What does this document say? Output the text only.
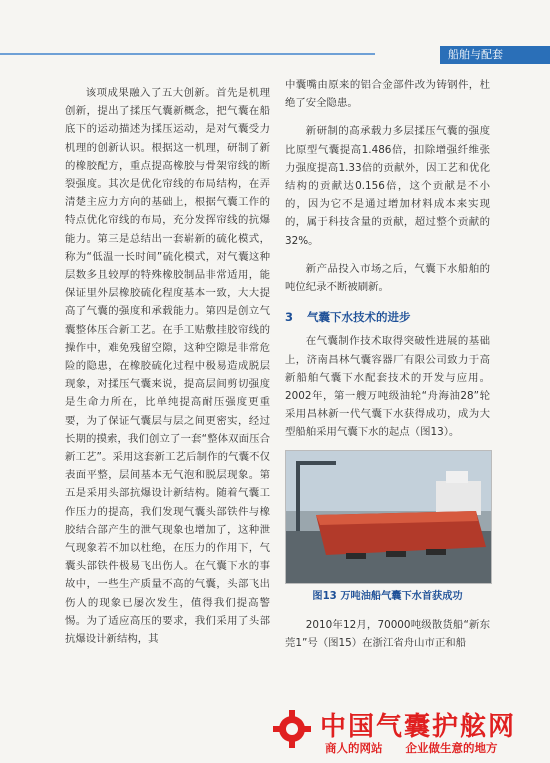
船舶与配套

该项成果融入了五大创新。首先是机理创新，提出了揉压气囊新概念，把气囊在船底下的运动描述为揉压运动，是对气囊受力机理的创新认识。根据这一机理，研制了新的橡胶配方，重点提高橡胶与骨架帘线的断裂强度。其次是优化帘线的布局结构，在弄清楚主应力方向的基础上，根据气囊工作的特点优化帘线的布局，充分发挥帘线的抗爆能力。第三是总结出一套崭新的硫化模式，称为“低温一长时间”硫化模式，对气囊这种层数多且较厚的特殊橡胶制品非常适用，能保证里外层橡胶硫化程度基本一致，大大提高了气囊的强度和承载能力。第四是创立气囊整体压合新工艺。在手工贴敷挂胶帘线的操作中，难免残留空隙，这种空隙是非常危险的隐患，在橡胶硫化过程中极易造成脱层现象，对揉压气囊来说，提高层间剪切强度是生命力所在，比单纯提高耐压强度更重要，为了保证气囊层与层之间更密实，经过长期的摸索，我们创立了一套“整体双面压合新工艺”。采用这套新工艺后制作的气囊不仅表面平整，层间基本无气泡和脱层现象。第五是采用头部抗爆设计新结构。随着气囊工作压力的提高，我们发现气囊头部铁件与橡胶结合部产生的泄气现象也增加了，这种泄气现象若不加以杜绝，在压力的作用下，气囊头部铁件极易飞出伤人。在气囊下水的事故中，一些生产质量不高的气囊，头部飞出伤人的现象已屡次发生，值得我们提高警惕。为了适应高压的要求，我们采用了头部抗爆设计新结构，其

中囊嘴由原来的铝合金部件改为铸钢件，杜绝了安全隐患。

新研制的高承载力多层揉压气囊的强度比原型气囊提高1.486倍，扣除增强纤维张力强度提高1.33倍的贡献外，因工艺和优化结构的贡献达0.156倍，这个贡献是不小的，因为它不是通过增加材料成本来实现的，属于科技含量的贡献，超过整个贡献的32%。

新产品投入市场之后，气囊下水船舶的吨位纪录不断被刷新。

3 气囊下水技术的进步

在气囊制作技术取得突破性进展的基础上，济南昌林气囊容器厂有限公司致力于高新船舶气囊下水配套技术的开发与应用。2002年，第一艘万吨级油轮“舟海油28”轮采用昌林新一代气囊下水获得成功，成为大型船舶采用气囊下水的起点（图13）。

图13 万吨油船气囊下水首获成功

2010年12月，70000吨级散货船“新东莞1”号（图15）在浙江省舟山市正和船

中国气囊护舷网
商人的网站　　企业做生意的地方
